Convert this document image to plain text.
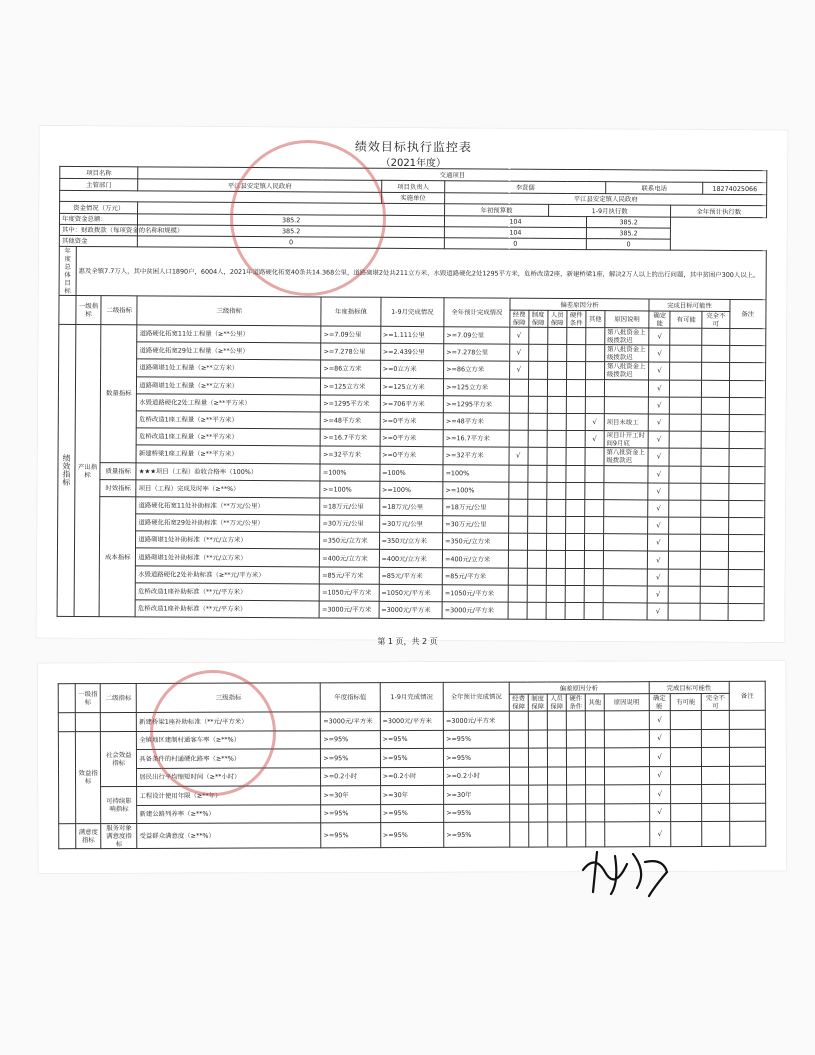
绩效目标执行监控表
（2021年度）
项目名称			交通项目													
主管部门			平江县安定镇人民政府		项目负责人	李贤儒						联系电话			18274025066	
					实施单位	平江县安定镇人民政府										
资金情况（万元）						年初预算数			1-9月执行数					全年预计执行数		
年度资金总额：			385.2			104					385.2					
其中：财政拨款（每项资金的名称和规模）			385.2			104					385.2					
其他资金			0			0					0					
年度总体目标	惠及全镇7.7万人，其中贫困人口1890户，6004人，2021年道路硬化拓宽40条共14.368公里，道路砌堪2处共211立方米，水毁道路硬化2处1295平方米，危桥改造2座，新建桥梁1座，解决2万人以上的出行问题，其中贫困户300人以上。															
	一级指标	二级指标	三级指标	年度指标值	1-9月完成情况	全年预计完成情况	偏差原因分析						完成目标可能性			备注
							经费保障	制度保障	人员保障	硬件条件	其他	原因说明	确定能	有可能	完全不可	
绩效指标	产出指标	数量指标	道路硬化拓宽11处工程量（≥**公里）	>=7.09公里	>=1.111公里	>=7.09公里	√					第八批资金上级拨款迟	√			
			道路硬化拓宽29处工程量（≥**公里）	>=7.278公里	>=2.439公里	>=7.278公里	√					第八批资金上级拨款迟	√			
			道路砌堪1处工程量（≥**立方米）	>=86立方米	>=0立方米	>=86立方米	√					第八批资金上级拨款迟	√			
			道路砌堪1处工程量（≥**立方米）	>=125立方米	>=125立方米	>=125立方米							√			
			水毁道路硬化2处工程量（≥**平方米）	>=1295平方米	>=706平方米	>=1295平方米							√			
			危桥改造1座工程量（≥**平方米）	>=48平方米	>=0平方米	>=48平方米					√	项目未竣工	√			
			危桥改造1座工程量（≥**平方米）	>=16.7平方米	>=0平方米	>=16.7平方米					√	项目计开工时间9月底	√			
			新建桥梁1座工程量（≥**平方米）	>=32平方米	>=0平方米	>=32平方米	√					第八批资金上级拨款迟	√			
		质量指标	★★★项目（工程）验收合格率（100%）	=100%	=100%	=100%							√			
		时效指标	项目（工程）完成及时率（≥**%）	>=100%	>=100%	>=100%							√			
		成本指标	道路硬化拓宽11处补助标准（**万元/公里）	=18万元/公里	=18万元/公里	=18万元/公里							√			
			道路硬化拓宽29处补助标准（**万元/公里）	=30万元/公里	=30万元/公里	=30万元/公里							√			
			道路砌堪1处补助标准（**元/立方米）	=350元/立方米	=350元/立方米	=350元/立方米							√			
			道路砌堪1处补助标准（**元/立方米）	=400元/立方米	=400元/立方米	=400元/立方米							√			
			水毁道路硬化2处补助标准（≥**元/平方米）	=85元/平方米	=85元/平方米	=85元/平方米							√			
			危桥改造1座补助标准（**元/平方米）	=1050元/平方米	=1050元/平方米	=1050元/平方米							√			
			危桥改造1座补助标准（**元/平方米）	=3000元/平方米	=3000元/平方米	=3000元/平方米							√			
第 1 页，共 2 页
	一级指标	二级指标	三级指标	年度指标值	1-9月完成情况	全年预计完成情况	偏差原因分析						完成目标可能性			备注
							经费保障	制度保障	人员保障	硬件条件	其他	原因说明	确定能	有可能	完全不可	
			新建桥梁1座补助标准（**元/平方米）	=3000元/平方米	=3000元/平方米	=3000元/平方米							√			
	效益指标	社会效益指标	全镇地区建制村通客车率（≥**%）	>=95%	>=95%	>=95%							√			
			具备条件的村通硬化路率（≥**%）	>=95%	>=95%	>=95%							√			
			居民出行平均缩短时间（≥**小时）	>=0.2小时	>=0.2小时	>=0.2小时							√			
		可持续影响指标	工程设计使用年限（≥**年）	>=30年	>=30年	>=30年							√			
			新建公路列养率（≥**%）	>=95%	>=95%	>=95%							√			
	满意度指标	服务对象满意度指标	受益群众满意度（≥**%）	>=95%	>=95%	>=95%							√			
